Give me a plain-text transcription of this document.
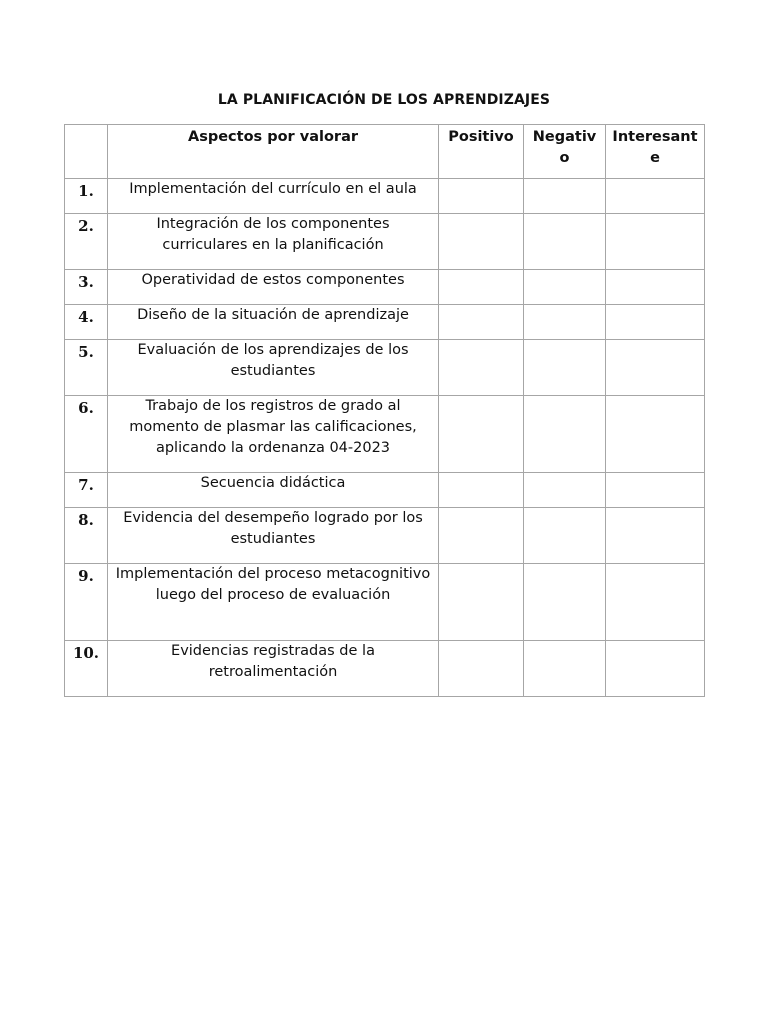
LA PLANIFICACIÓN DE LOS APRENDIZAJES
	Aspectos por valorar	Positivo	Negativo	Interesante
1.	Implementación del currículo en el aula			
2.	Integración de los componentes curriculares en la planificación			
3.	Operatividad de estos componentes			
4.	Diseño de la situación de aprendizaje			
5.	Evaluación de los aprendizajes de los estudiantes			
6.	Trabajo de los registros de grado al momento de plasmar las calificaciones, aplicando la ordenanza 04-2023			
7.	Secuencia didáctica			
8.	Evidencia del desempeño logrado por los estudiantes			
9.	Implementación del proceso metacognitivo luego del proceso de evaluación			
10.	Evidencias registradas de la retroalimentación			
